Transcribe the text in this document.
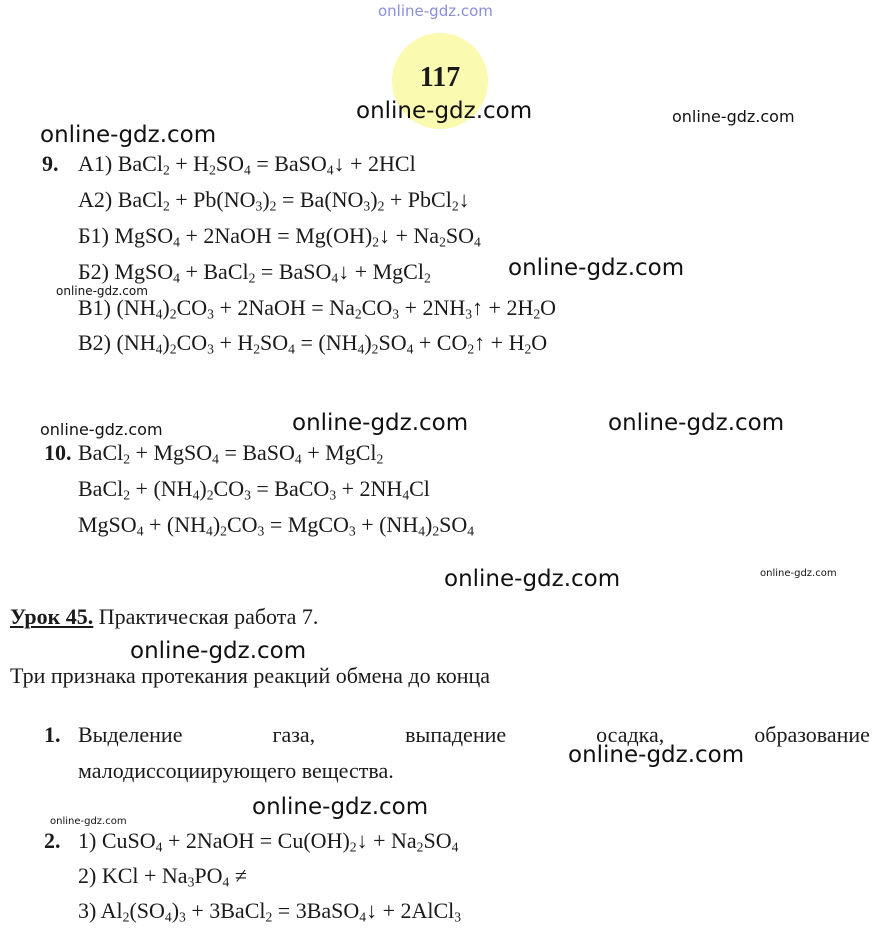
117
online-gdz.com
online-gdz.com	online-gdz.com
online-gdz.com
online-gdz.com
online-gdz.com
online-gdz.com	online-gdz.com	online-gdz.com
online-gdz.com	online-gdz.com
online-gdz.com
online-gdz.com
online-gdz.com
online-gdz.com
9. А1) BaCl$_2$ + $H_2SO_4$ = BaSO$_4$↓ + 2HCl
А2) BaCl$_2$ + $Pb(NO_3)_2 = Ba(NO_3)_2$ + PbCl$_2$↓
Б1) MgSO$_4$ + 2NaOH = $Mg(OH)_2↓ + Na_2SO_4$
Б2) MgSO$_4$ + BaCl$_2$ = BaSO$_4$↓ + MgCl$_2$
В1) $(NH_4)_2CO_3$ + 2NaOH = $Na_2CO_3$ + $2NH_3↑ + 2H_2O$
В2) $(NH_4)_2CO_3 + H_2SO_4 = (NH_4)_2SO_4$ + $CO_2↑ + H_2O$
10. BaCl$_2$ + MgSO$_4$ = BaSO$_4$ + MgCl$_2$
BaCl$_2$ + $(NH_4)_2CO_3$ = BaCO$_3$ + $2NH_4Cl$
MgSO$_4$ + $(NH_4)_2CO_3$ = MgCO$_3$ + $(NH_4)_2SO_4$
Урок 45. Практическая работа 7.
Три признака протекания реакций обмена до конца
1. Выделение	газа,	выпадение	осадка,	образование
малодиссоциирующего вещества.
2. 1) CuSO$_4$ + 2NaOH = $Cu(OH)_2↓ + Na_2SO_4$
2) KCl + $Na_3PO_4$ ≠
3) $Al_2(SO_4)_3$ + 3BaCl$_2$ = 3BaSO$_4$↓ + 2AlCl$_3$
